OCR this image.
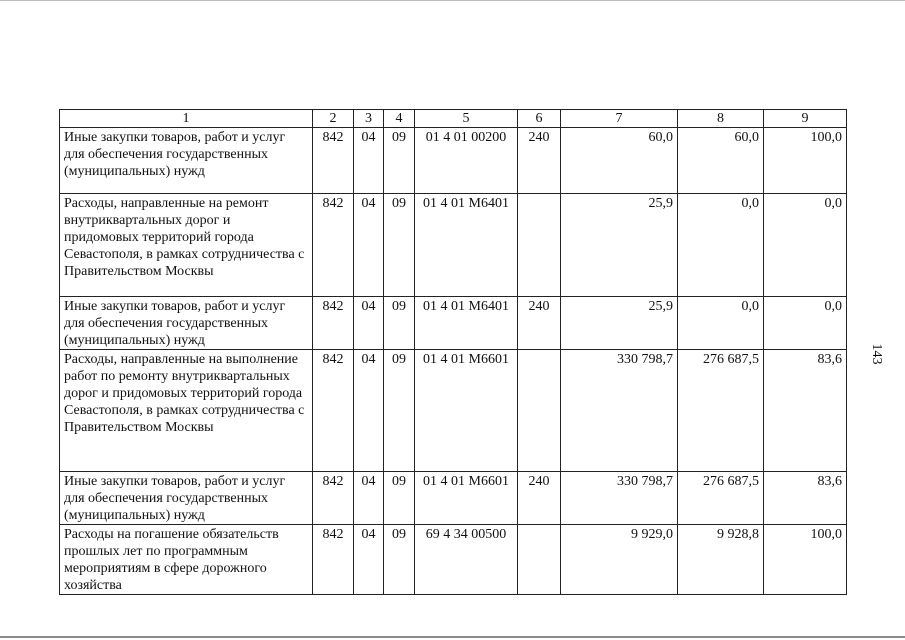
1	2	3	4	5	6	7	8	9
Иные закупки товаров, работ и услуг для обеспечения государственных (муниципальных) нужд	842	04	09	01 4 01 00200	240	60,0	60,0	100,0
Расходы, направленные на ремонт внутриквартальных дорог и придомовых территорий города Севастополя, в рамках сотрудничества с Правительством Москвы	842	04	09	01 4 01 М6401		25,9	0,0	0,0
Иные закупки товаров, работ и услуг для обеспечения государственных (муниципальных) нужд	842	04	09	01 4 01 М6401	240	25,9	0,0	0,0
Расходы, направленные на выполнение работ по ремонту внутриквартальных дорог и придомовых территорий города Севастополя, в рамках сотрудничества с Правительством Москвы	842	04	09	01 4 01 М6601		330 798,7	276 687,5	83,6
Иные закупки товаров, работ и услуг для обеспечения государственных (муниципальных) нужд	842	04	09	01 4 01 М6601	240	330 798,7	276 687,5	83,6
Расходы на погашение обязательств прошлых лет по программным мероприятиям в сфере дорожного хозяйства	842	04	09	69 4 34 00500		9 929,0	9 928,8	100,0
143
